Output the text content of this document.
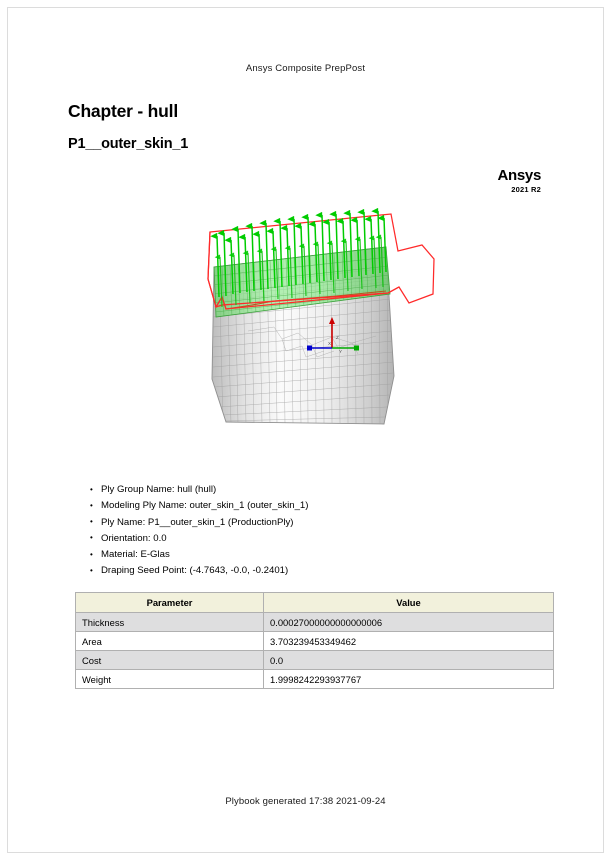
Ansys Composite PrepPost
Chapter - hull
P1__outer_skin_1
Ansys
2021 R2
Z
Y
X
• Ply Group Name: hull (hull)
• Modeling Ply Name: outer_skin_1 (outer_skin_1)
• Ply Name: P1__outer_skin_1 (ProductionPly)
• Orientation: 0.0
• Material: E-Glas
• Draping Seed Point: (-4.7643, -0.0, -0.2401)
Parameter	Value
Thickness	0.00027000000000000006
Area	3.703239453349462
Cost	0.0
Weight	1.9998242293937767
Plybook generated 17:38 2021-09-24
